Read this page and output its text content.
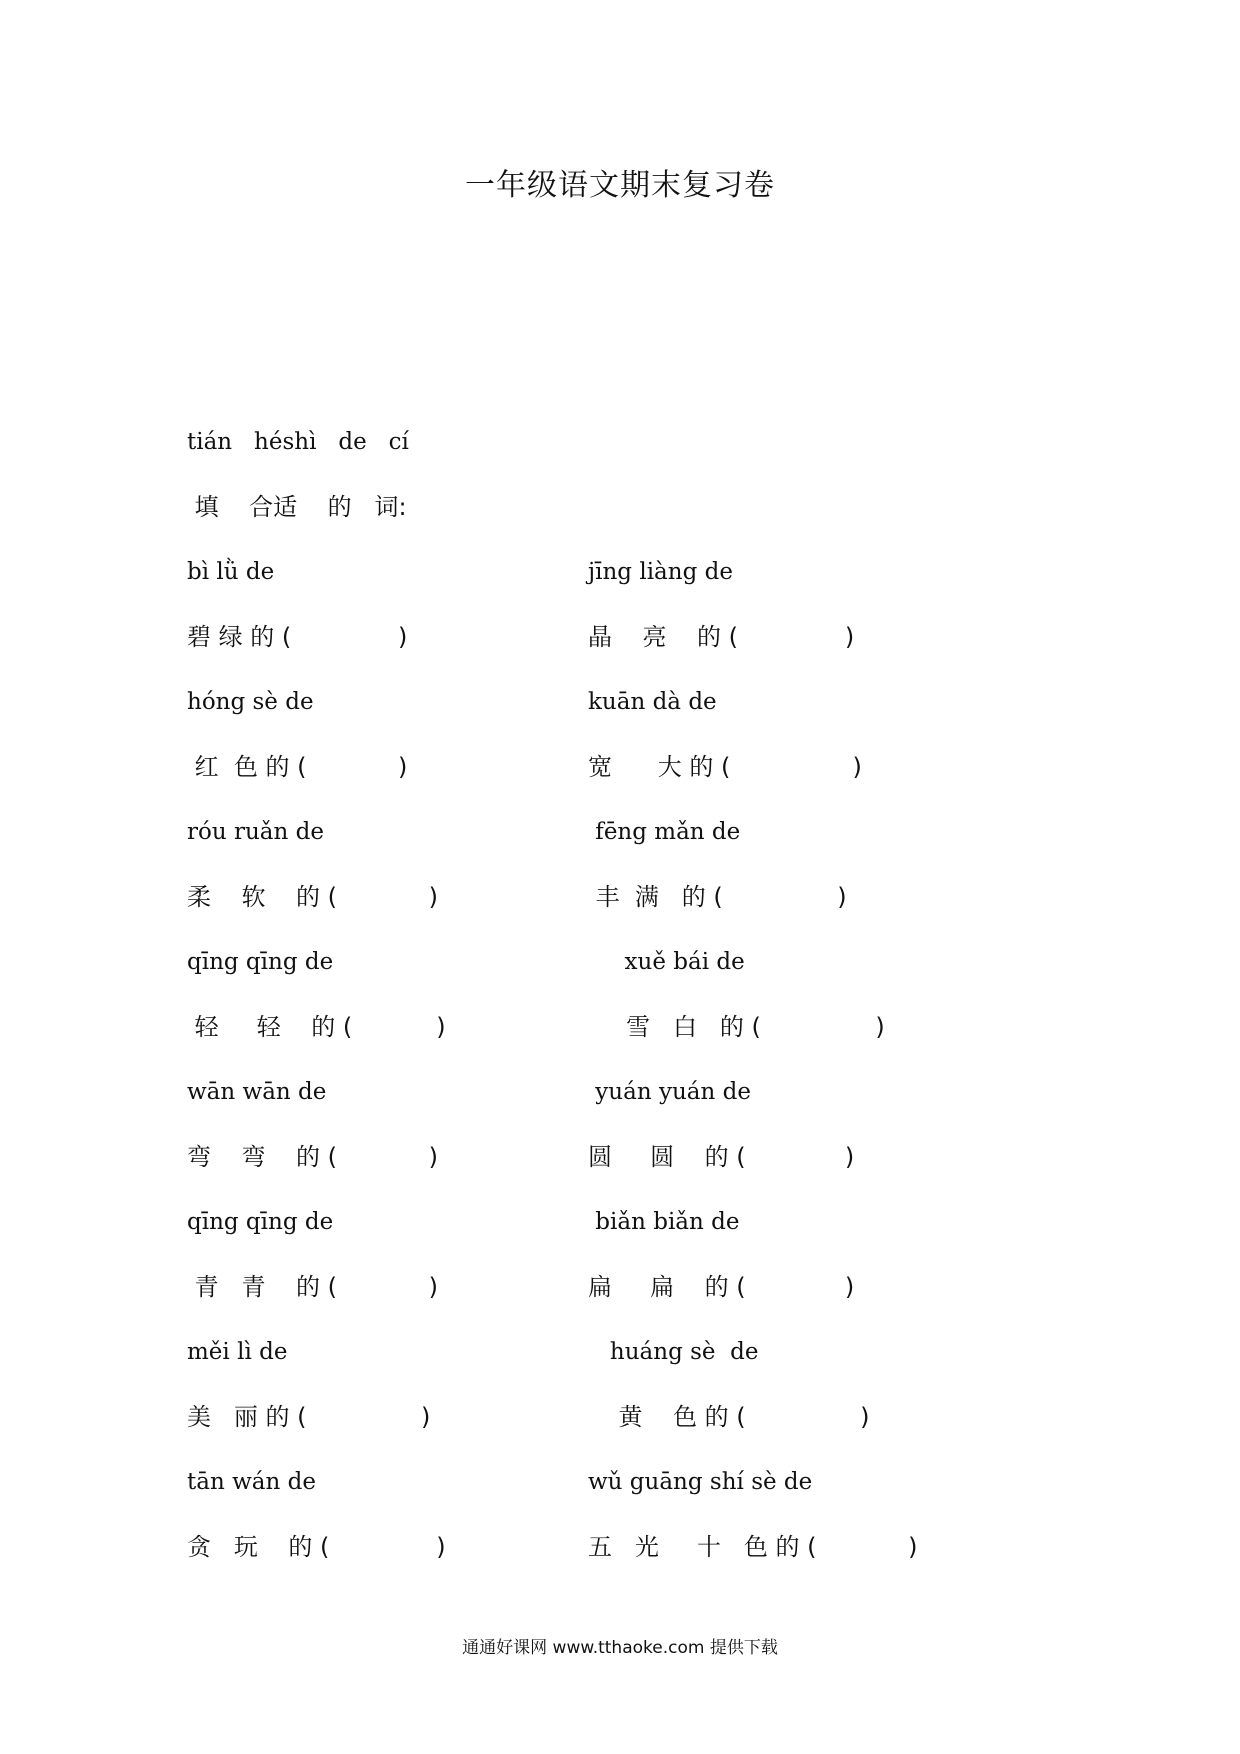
一年级语文期末复习卷
tián   héshì   de   cí
填    合适    的   词:
bì lǜ de	jīng liàng de
碧 绿 的 (              )	晶    亮    的 (              )
hóng sè de	kuān dà de
红  色 的 (            )	宽      大 的 (                )
róu ruǎn de	fēng mǎn de
柔    软    的 (            )	丰  满   的 (               )
qīng qīng de	xuě bái de
轻     轻    的 (           )	雪   白   的 (               )
wān wān de	yuán yuán de
弯    弯    的 (            )	圆     圆    的 (             )
qīng qīng de	biǎn biǎn de
青   青    的 (            )	扁     扁    的 (             )
měi lì de	huáng sè  de
美   丽 的 (               )	黄    色 的 (               )
tān wán de	wǔ guāng shí sè de
贪   玩    的 (              )	五   光     十   色 的 (            )
通通好课网 www.tthaoke.com 提供下载
